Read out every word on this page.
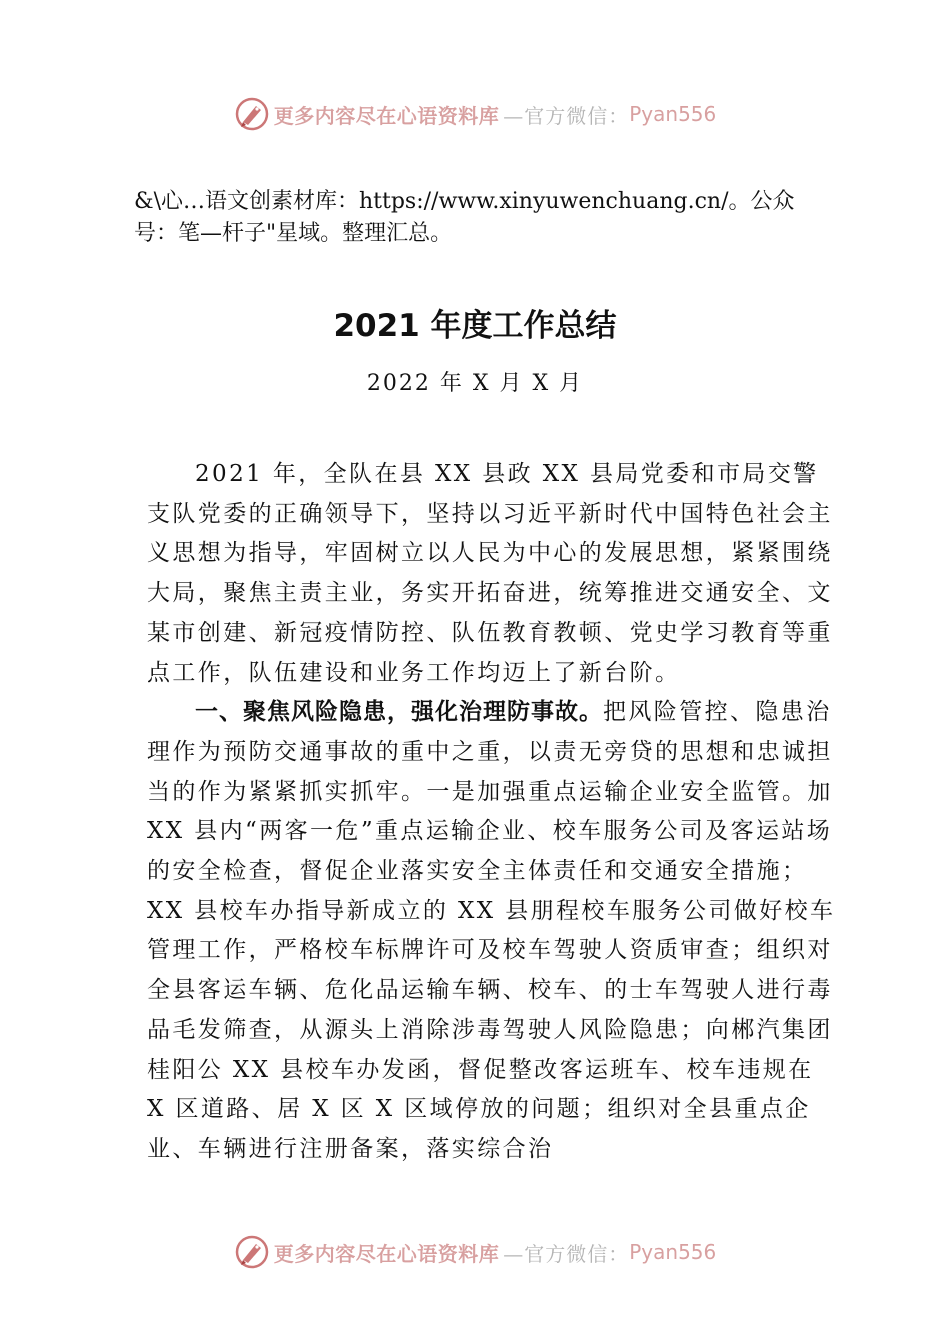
更多内容尽在心语资料库 —官方微信： Pyan556
&\心…语文创素材库：https://www.xinyuwenchuang.cn/。公众号：笔—杆子"星域。整理汇总。
2021 年度工作总结
2022 年 X 月 X 月

2021 年，全队在县 XX 县政 XX 县局党委和市局交警支队党委的正确领导下，坚持以习近平新时代中国特色社会主义思想为指导，牢固树立以人民为中心的发展思想，紧紧围绕大局，聚焦主责主业，务实开拓奋进，统筹推进交通安全、文某市创建、新冠疫情防控、队伍教育教顿、党史学习教育等重点工作，队伍建设和业务工作均迈上了新台阶。

一、聚焦风险隐患，强化治理防事故。把风险管控、隐患治理作为预防交通事故的重中之重，以责无旁贷的思想和忠诚担当的作为紧紧抓实抓牢。一是加强重点运输企业安全监管。加 XX 县内“两客一危”重点运输企业、校车服务公司及客运站场的安全检查，督促企业落实安全主体责任和交通安全措施；XX 县校车办指导新成立的 XX 县朋程校车服务公司做好校车管理工作，严格校车标牌许可及校车驾驶人资质审查；组织对全县客运车辆、危化品运输车辆、校车、的士车驾驶人进行毒品毛发筛查，从源头上消除涉毒驾驶人风险隐患；向郴汽集团桂阳公 XX 县校车办发函，督促整改客运班车、校车违规在 X 区道路、居 X 区 X 区域停放的问题；组织对全县重点企业、车辆进行注册备案，落实综合治

更多内容尽在心语资料库 —官方微信： Pyan556
